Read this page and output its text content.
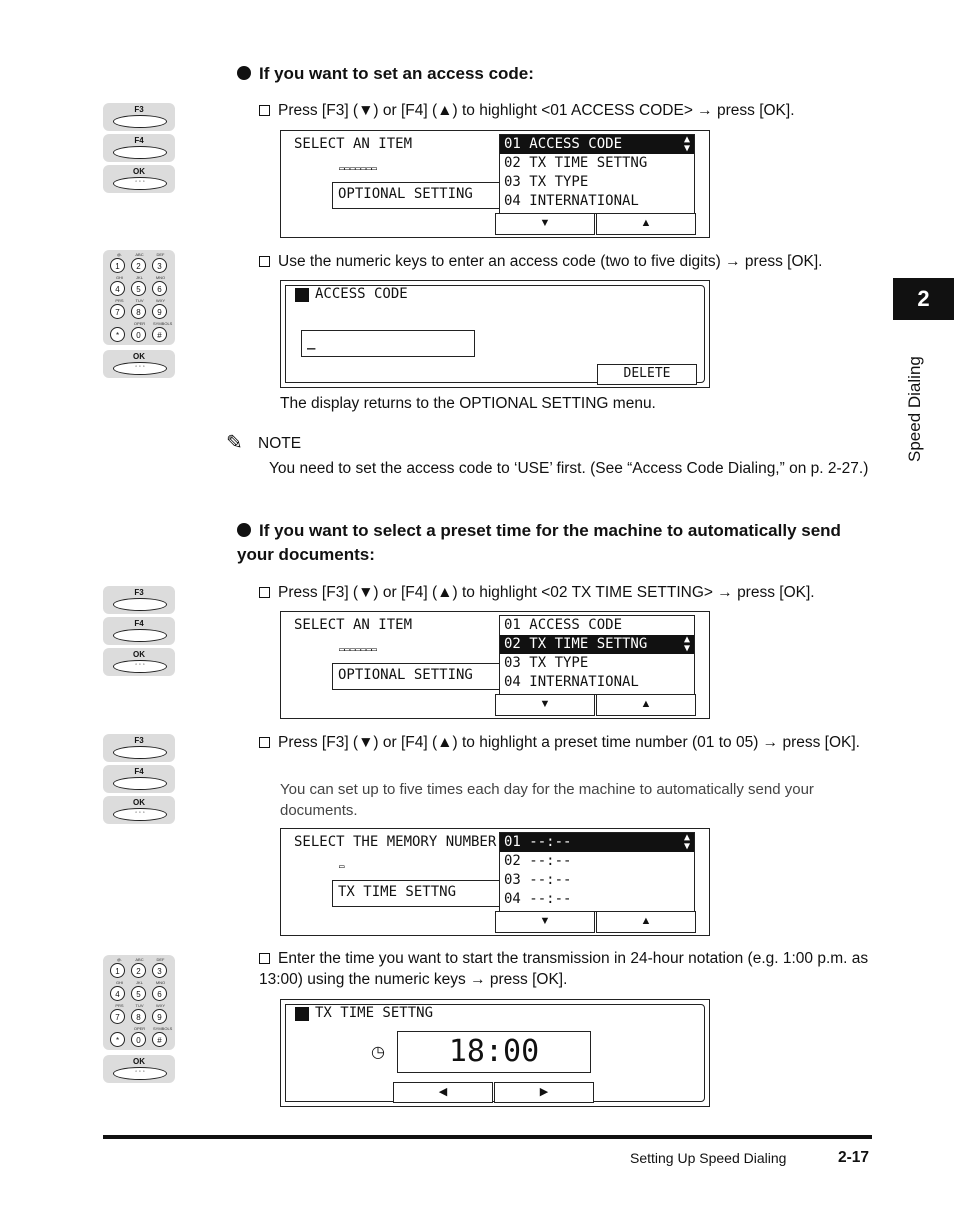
2
Speed Dialing
If you want to set an access code:
F3
F4
OK
◦ ◦ ◦
Press [F3] (▼) or [F4] (▲) to highlight <01 ACCESS CODE> → press [OK].
SELECT AN ITEM
▭▭▭▭▭▭▭
OPTIONAL SETTING
01 ACCESS CODE	▲
▼
02 TX TIME SETTNG
03 TX TYPE
04 INTERNATIONAL
▼	▲
@.	ABC	DEF
1	2	3
GHI	JKL	MNO
4	5	6
PRS	TUV	WXY
7	8	9
OPER	SYMBOLS
*	0	#
OK
◦ ◦ ◦
Use the numeric keys to enter an access code (two to five digits) → press [OK].
ACCESS CODE
_
DELETE
The display returns to the OPTIONAL SETTING menu.
✎ NOTE
You need to set the access code to ‘USE’ first. (See “Access Code Dialing,” on p. 2-27.)
If you want to select a preset time for the machine to automatically send your documents:
F3
F4
OK
◦ ◦ ◦
Press [F3] (▼) or [F4] (▲) to highlight <02 TX TIME SETTING> → press [OK].
SELECT AN ITEM
▭▭▭▭▭▭▭
OPTIONAL SETTING
01 ACCESS CODE
02 TX TIME SETTNG	▲
▼
03 TX TYPE
04 INTERNATIONAL
▼	▲
F3
F4
OK
◦ ◦ ◦
Press [F3] (▼) or [F4] (▲) to highlight a preset time number (01 to 05) → press [OK].
You can set up to five times each day for the machine to automatically send your documents.
SELECT THE MEMORY NUMBER
▭
TX TIME SETTNG
01 --:--	▲
▼
02 --:--
03 --:--
04 --:--
▼	▲
@.	ABC	DEF
1	2	3
GHI	JKL	MNO
4	5	6
PRS	TUV	WXY
7	8	9
OPER	SYMBOLS
*	0	#
OK
◦ ◦ ◦
Enter the time you want to start the transmission in 24-hour notation (e.g. 1:00 p.m. as 13:00) using the numeric keys → press [OK].
TX TIME SETTNG
◷	18:00
◀	▶
Setting Up Speed Dialing	2-17
